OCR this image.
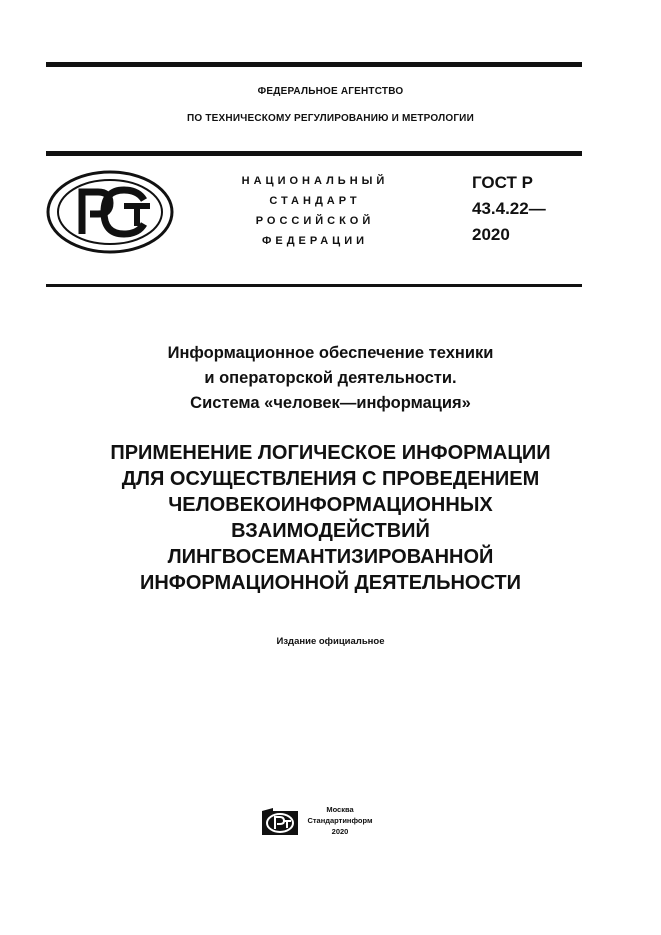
ФЕДЕРАЛЬНОЕ АГЕНТСТВО
ПО ТЕХНИЧЕСКОМУ РЕГУЛИРОВАНИЮ И МЕТРОЛОГИИ
НАЦИОНАЛЬНЫЙ
СТАНДАРТ
РОССИЙСКОЙ
ФЕДЕРАЦИИ
ГОСТ Р
43.4.22—
2020
Информационное обеспечение техники
и операторской деятельности.
Система «человек—информация»
ПРИМЕНЕНИЕ ЛОГИЧЕСКОЕ ИНФОРМАЦИИ
ДЛЯ ОСУЩЕСТВЛЕНИЯ С ПРОВЕДЕНИЕМ
ЧЕЛОВЕКОИНФОРМАЦИОННЫХ
ВЗАИМОДЕЙСТВИЙ
ЛИНГВОСЕМАНТИЗИРОВАННОЙ
ИНФОРМАЦИОННОЙ ДЕЯТЕЛЬНОСТИ
Издание официальное
Москва
Стандартинформ
2020
